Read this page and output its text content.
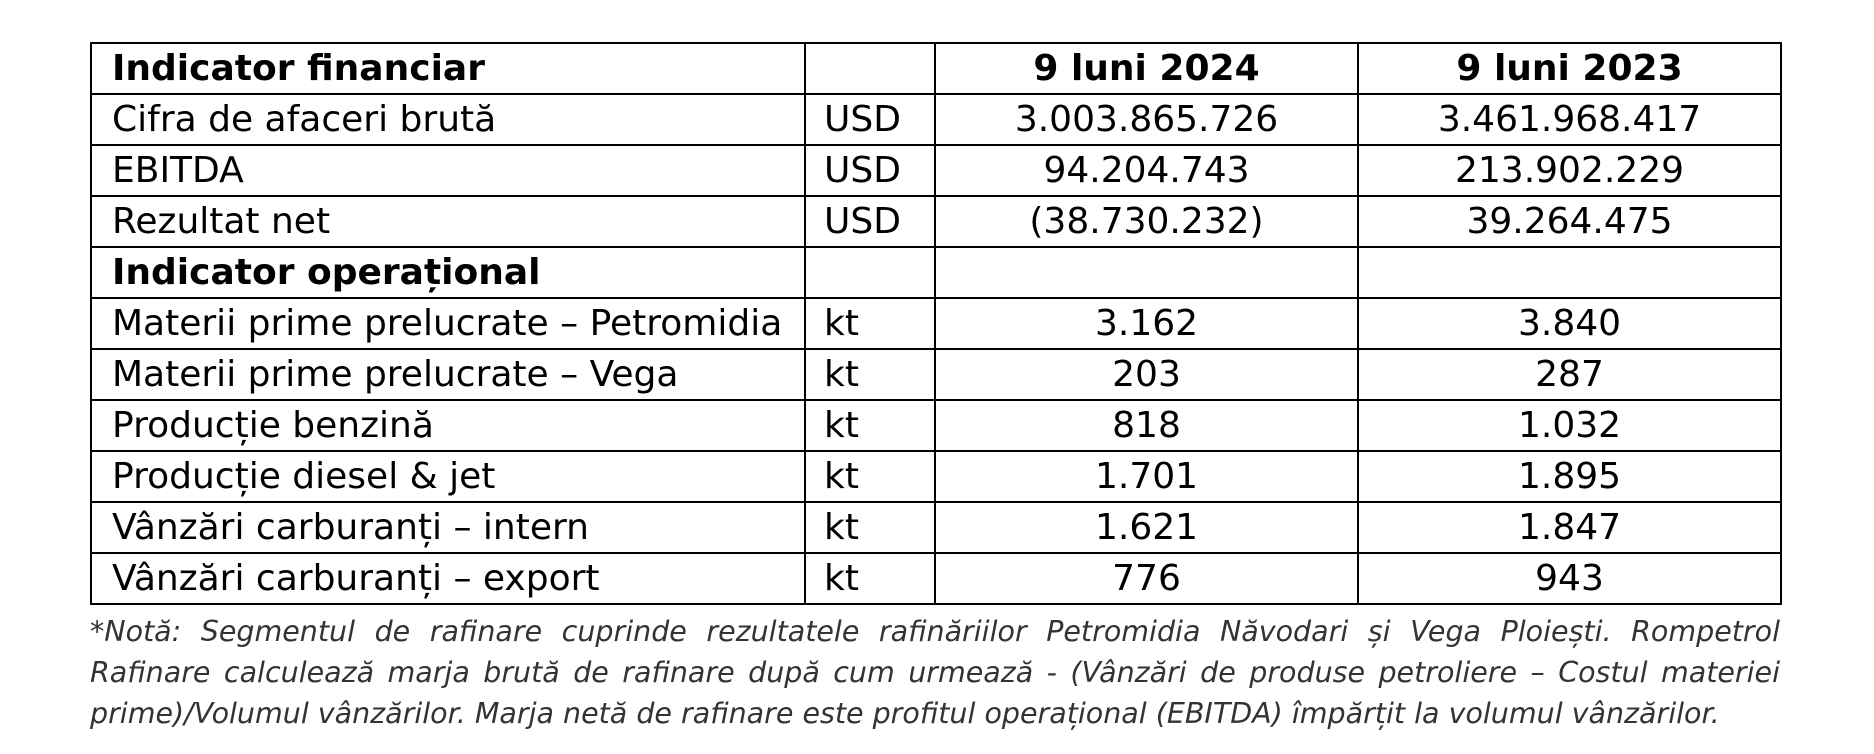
Indicator financiar		9 luni 2024	9 luni 2023
Cifra de afaceri brută	USD	3.003.865.726	3.461.968.417
EBITDA	USD	94.204.743	213.902.229
Rezultat net	USD	(38.730.232)	39.264.475
Indicator operațional			
Materii prime prelucrate – Petromidia	kt	3.162	3.840
Materii prime prelucrate – Vega	kt	203	287
Producție benzină	kt	818	1.032
Producție diesel & jet	kt	1.701	1.895
Vânzări carburanți – intern	kt	1.621	1.847
Vânzări carburanți – export	kt	776	943

*Notă: Segmentul de rafinare cuprinde rezultatele rafinăriilor Petromidia Năvodari și Vega Ploiești. Rompetrol Rafinare calculează marja brută de rafinare după cum urmează - (Vânzări de produse petroliere – Costul materiei prime)/Volumul vânzărilor. Marja netă de rafinare este profitul operațional (EBITDA) împărțit la volumul vânzărilor.
